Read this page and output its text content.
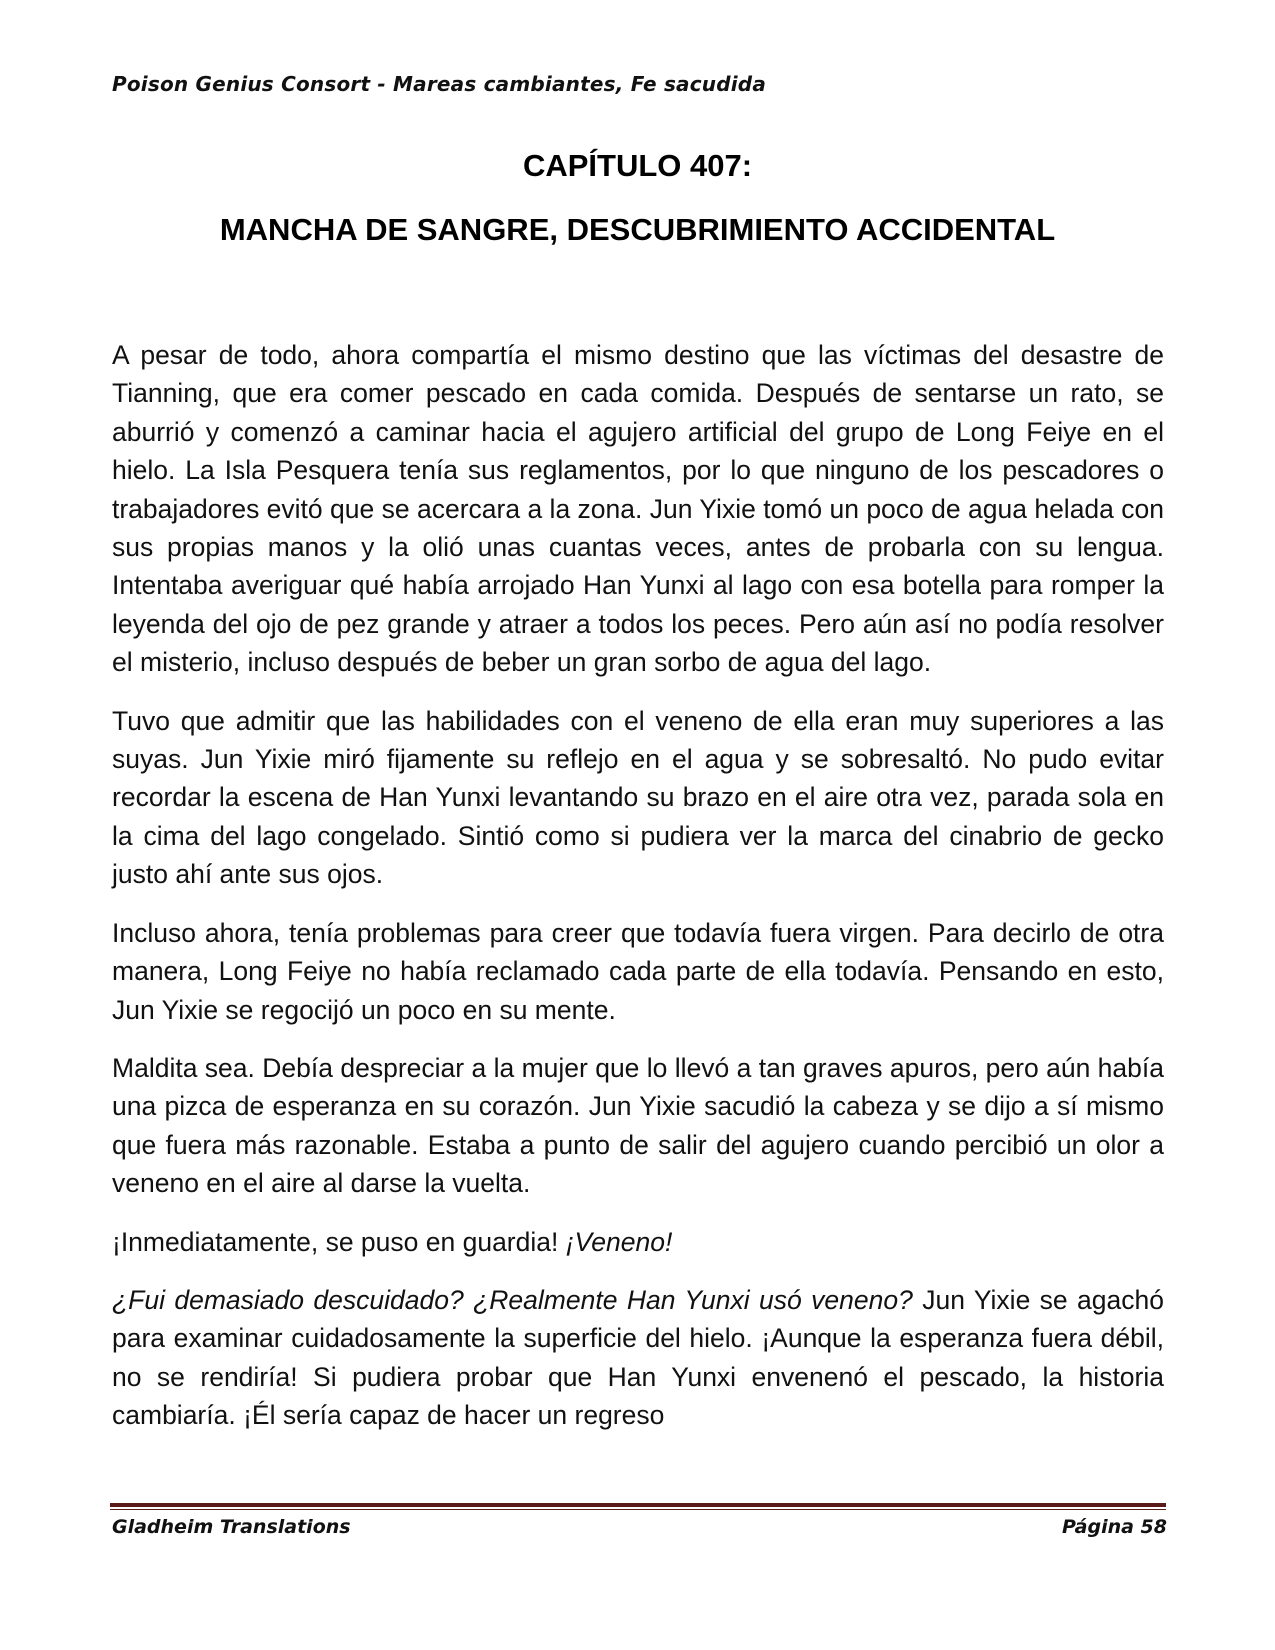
Poison Genius Consort - Mareas cambiantes, Fe sacudida
CAPÍTULO 407:
MANCHA DE SANGRE, DESCUBRIMIENTO ACCIDENTAL

A pesar de todo, ahora compartía el mismo destino que las víctimas del desastre de Tianning, que era comer pescado en cada comida. Después de sentarse un rato, se aburrió y comenzó a caminar hacia el agujero artificial del grupo de Long Feiye en el hielo. La Isla Pesquera tenía sus reglamentos, por lo que ninguno de los pescadores o trabajadores evitó que se acercara a la zona. Jun Yixie tomó un poco de agua helada con sus propias manos y la olió unas cuantas veces, antes de probarla con su lengua. Intentaba averiguar qué había arrojado Han Yunxi al lago con esa botella para romper la leyenda del ojo de pez grande y atraer a todos los peces. Pero aún así no podía resolver el misterio, incluso después de beber un gran sorbo de agua del lago.

Tuvo que admitir que las habilidades con el veneno de ella eran muy superiores a las suyas. Jun Yixie miró fijamente su reflejo en el agua y se sobresaltó. No pudo evitar recordar la escena de Han Yunxi levantando su brazo en el aire otra vez, parada sola en la cima del lago congelado. Sintió como si pudiera ver la marca del cinabrio de gecko justo ahí ante sus ojos.

Incluso ahora, tenía problemas para creer que todavía fuera virgen. Para decirlo de otra manera, Long Feiye no había reclamado cada parte de ella todavía. Pensando en esto, Jun Yixie se regocijó un poco en su mente.

Maldita sea. Debía despreciar a la mujer que lo llevó a tan graves apuros, pero aún había una pizca de esperanza en su corazón. Jun Yixie sacudió la cabeza y se dijo a sí mismo que fuera más razonable. Estaba a punto de salir del agujero cuando percibió un olor a veneno en el aire al darse la vuelta.

¡Inmediatamente, se puso en guardia! ¡Veneno!

¿Fui demasiado descuidado? ¿Realmente Han Yunxi usó veneno? Jun Yixie se agachó para examinar cuidadosamente la superficie del hielo. ¡Aunque la esperanza fuera débil, no se rendiría! Si pudiera probar que Han Yunxi envenenó el pescado, la historia cambiaría. ¡Él sería capaz de hacer un regreso

Gladheim Translations	Página 58
